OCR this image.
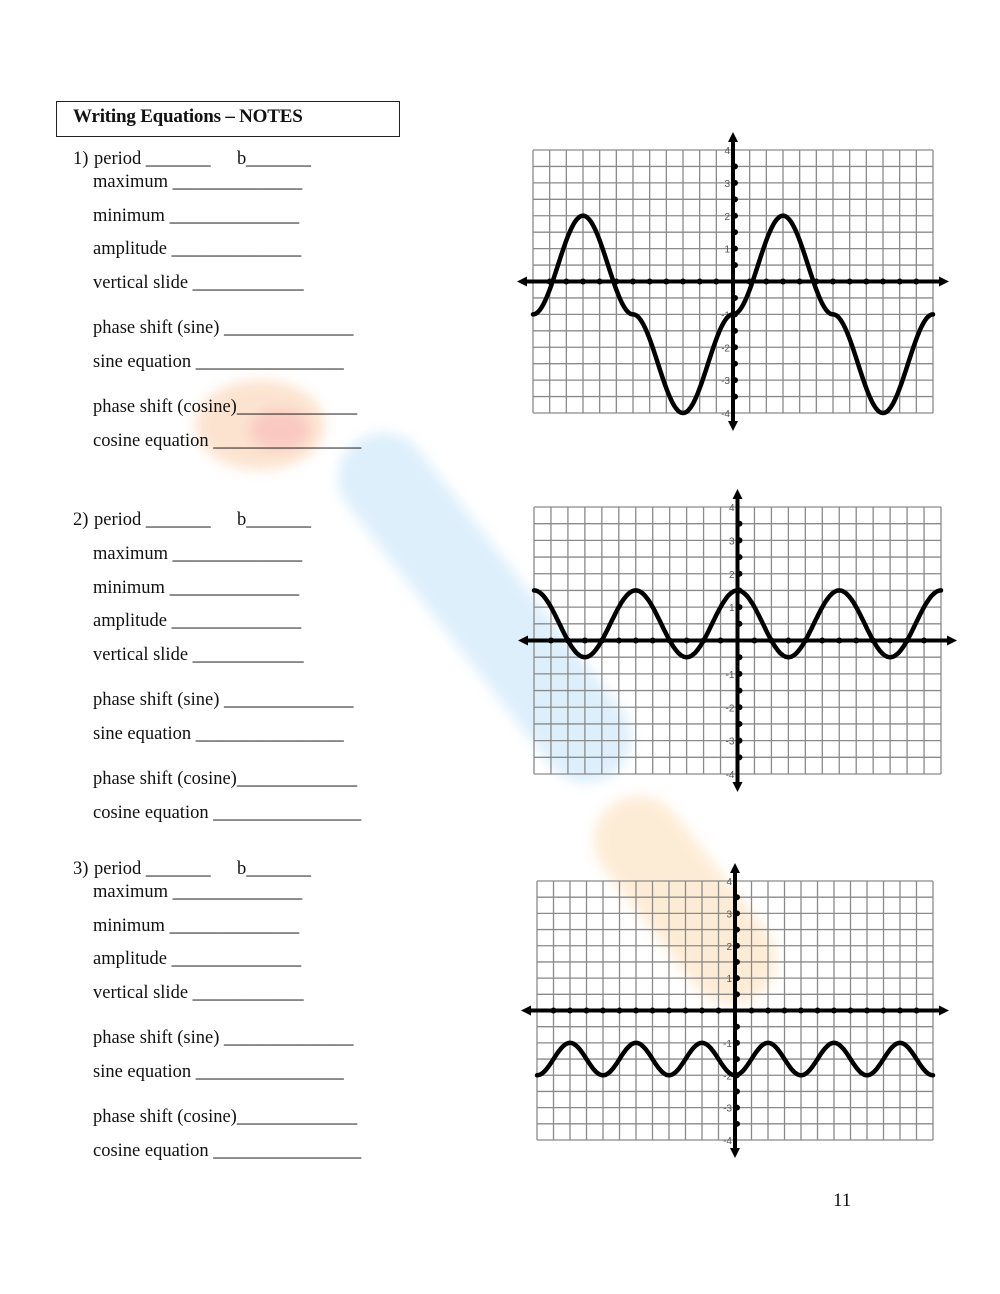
Writing Equations – NOTES
1) period _______ b_______
maximum ______________
minimum ______________
amplitude ______________
vertical slide ____________
phase shift (sine) ______________
sine equation ________________
phase shift (cosine)_____________
cosine equation ________________
2) period _______ b_______
maximum ______________
minimum ______________
amplitude ______________
vertical slide ____________
phase shift (sine) ______________
sine equation ________________
phase shift (cosine)_____________
cosine equation ________________
3) period _______ b_______
maximum ______________
minimum ______________
amplitude ______________
vertical slide ____________
phase shift (sine) ______________
sine equation ________________
phase shift (cosine)_____________
cosine equation ________________
4
3
2
1
-1
-2
-3
-4
4
3
2
1
-1
-2
-3
-4
4
3
2
1
-1
-2
-3
-4
11
